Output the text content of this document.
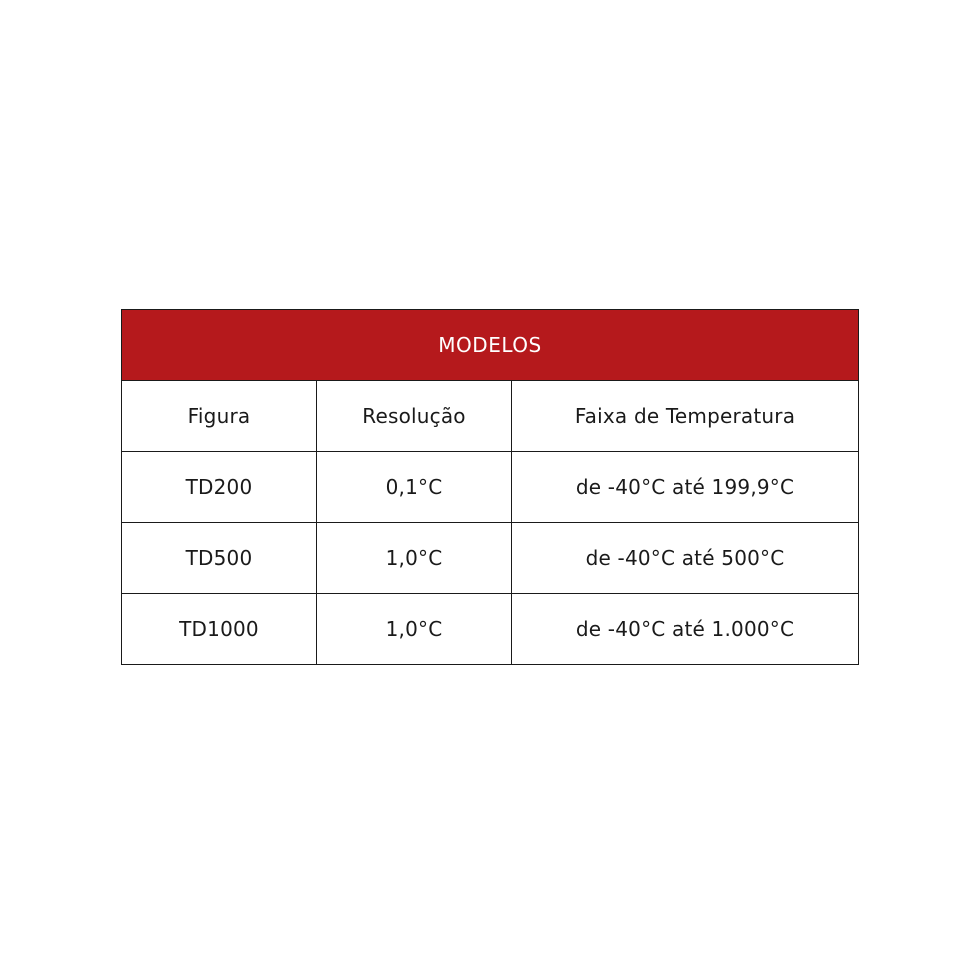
MODELOS		
Figura	Resolução	Faixa de Temperatura
TD200	0,1°C	de -40°C até 199,9°C
TD500	1,0°C	de -40°C até 500°C
TD1000	1,0°C	de -40°C até 1.000°C
